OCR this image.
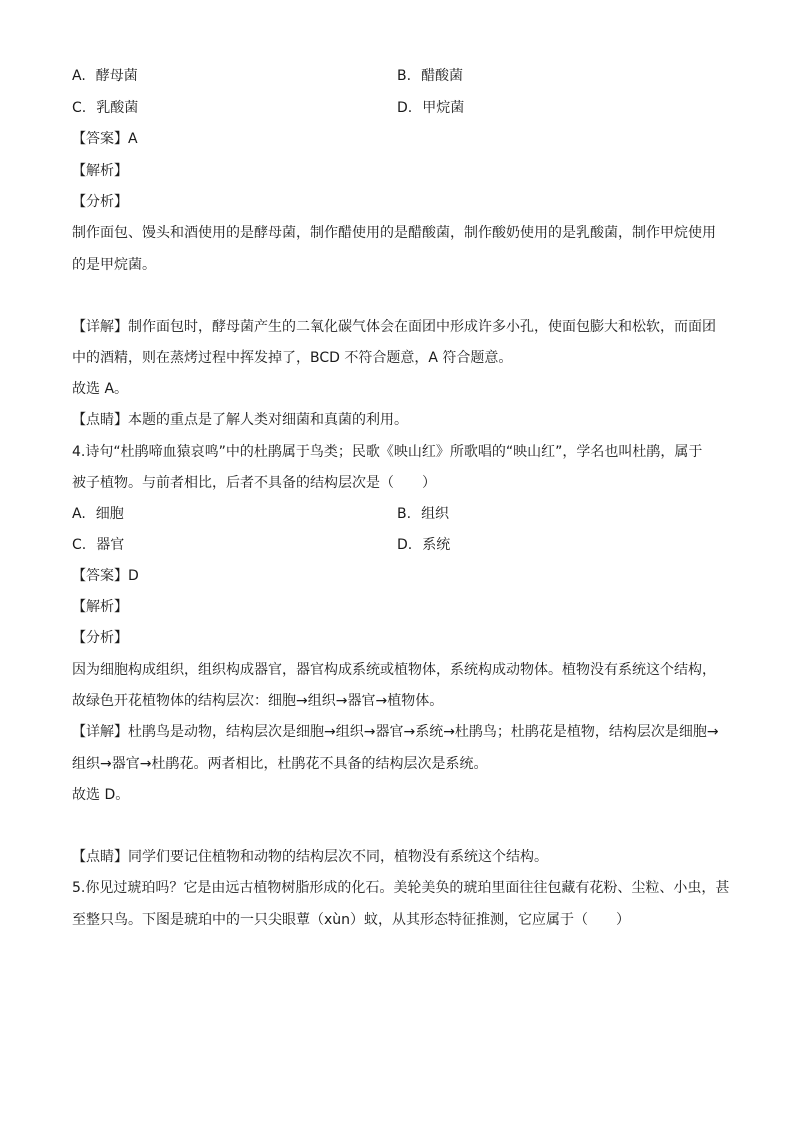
A. 酵母菌	B. 醋酸菌
C. 乳酸菌	D. 甲烷菌
【答案】A
【解析】
【分析】
制作面包、馒头和酒使用的是酵母菌，制作醋使用的是醋酸菌，制作酸奶使用的是乳酸菌，制作甲烷使用
的是甲烷菌。
【详解】制作面包时，酵母菌产生的二氧化碳气体会在面团中形成许多小孔，使面包膨大和松软，而面团
中的酒精，则在蒸烤过程中挥发掉了，BCD 不符合题意，A 符合题意。
故选 A。
【点睛】本题的重点是了解人类对细菌和真菌的利用。
4.诗句“杜鹃啼血猿哀鸣”中的杜鹃属于鸟类；民歌《映山红》所歌唱的“映山红”，学名也叫杜鹃，属于
被子植物。与前者相比，后者不具备的结构层次是（　　）
A. 细胞	B. 组织
C. 器官	D. 系统
【答案】D
【解析】
【分析】
因为细胞构成组织，组织构成器官，器官构成系统或植物体，系统构成动物体。植物没有系统这个结构，
故绿色开花植物体的结构层次：细胞→组织→器官→植物体。
【详解】杜鹃鸟是动物，结构层次是细胞→组织→器官→系统→杜鹃鸟；杜鹃花是植物，结构层次是细胞→
组织→器官→杜鹃花。两者相比，杜鹃花不具备的结构层次是系统。
故选 D。
【点睛】同学们要记住植物和动物的结构层次不同，植物没有系统这个结构。
5.你见过琥珀吗？它是由远古植物树脂形成的化石。美轮美奂的琥珀里面往往包藏有花粉、尘粒、小虫，甚
至整只鸟。下图是琥珀中的一只尖眼蕈（xùn）蚊，从其形态特征推测，它应属于（　　）
